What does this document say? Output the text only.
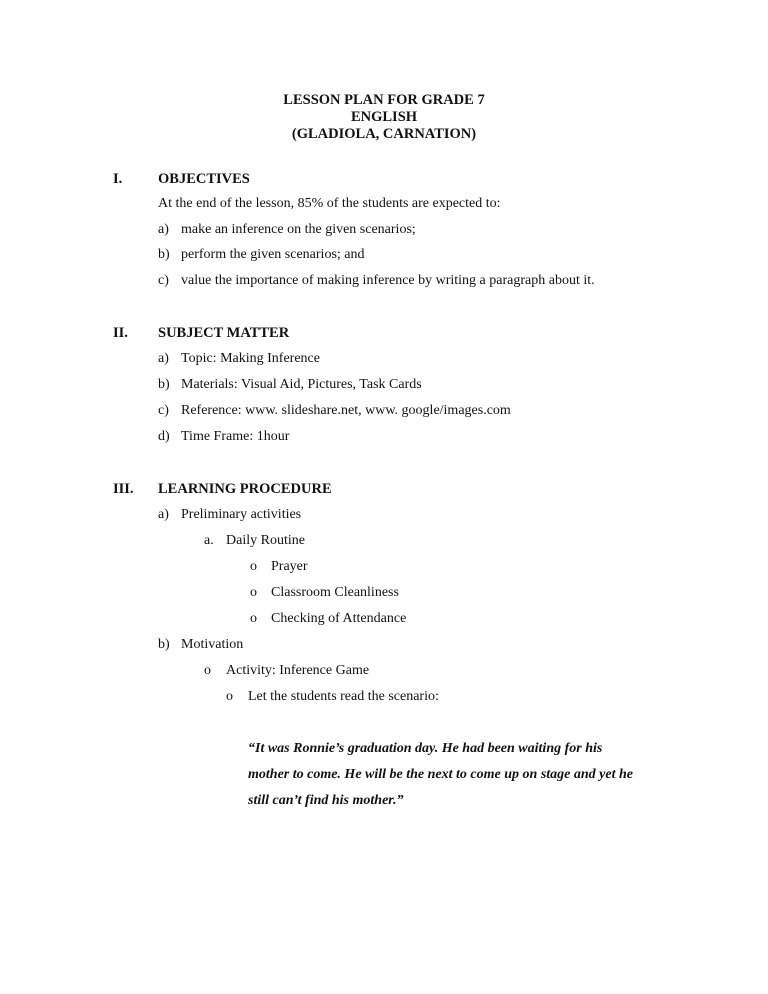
LESSON PLAN FOR GRADE 7
ENGLISH
(GLADIOLA, CARNATION)
I. OBJECTIVES
At the end of the lesson, 85% of the students are expected to:
a) make an inference on the given scenarios;
b) perform the given scenarios; and
c) value the importance of making inference by writing a paragraph about it.
II. SUBJECT MATTER
a) Topic: Making Inference
b) Materials: Visual Aid, Pictures, Task Cards
c) Reference: www. slideshare.net, www. google/images.com
d) Time Frame: 1hour
III. LEARNING PROCEDURE
a) Preliminary activities
a. Daily Routine
o Prayer
o Classroom Cleanliness
o Checking of Attendance
b) Motivation
o Activity: Inference Game
o Let the students read the scenario:
“It was Ronnie’s graduation day. He had been waiting for his
mother to come. He will be the next to come up on stage and yet he
still can’t find his mother.”
